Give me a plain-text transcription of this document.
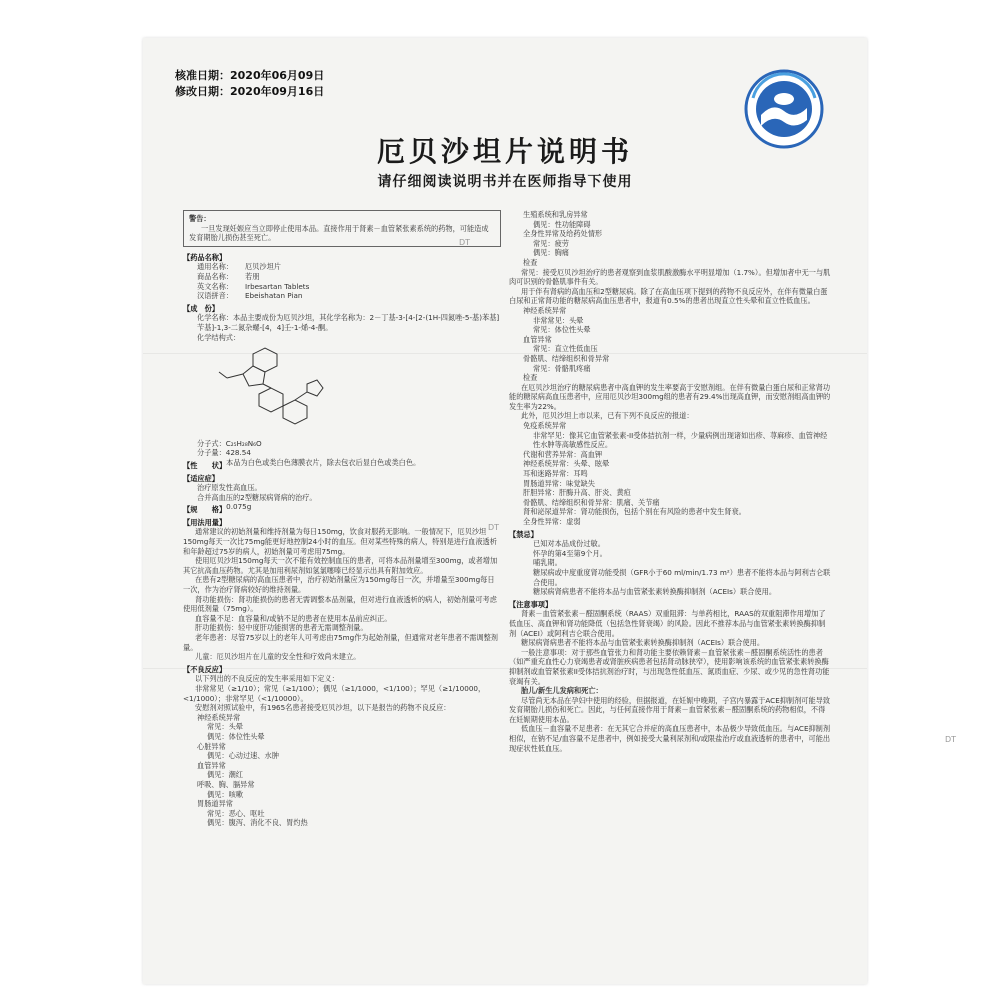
核准日期：2020年06月09日
修改日期：2020年09月16日
厄贝沙坦片说明书
请仔细阅读说明书并在医师指导下使用
警告：
一旦发现妊娠应当立即停止使用本品。直接作用于肾素－血管紧张素系统的药物，可能造成发育期胎儿损伤甚至死亡。
【药品名称】
通用名称：	厄贝沙坦片
商品名称：	若朋
英文名称：	Irbesartan Tablets
汉语拼音：	Ebeishatan Pian
【成　份】
化学名称：本品主要成份为厄贝沙坦，其化学名称为：2－丁基-3-[4-[2-(1H-四氮唑-5-基)苯基]苄基]-1,3-二氮杂螺-[4，4]壬-1-烯-4-酮。
化学结构式：
分子式：C₂₅H₂₈N₆O
分子量：428.54
【性　　状】 本品为白色或类白色薄膜衣片，除去包衣后显白色或类白色。
【适应症】
治疗原发性高血压。
合并高血压的2型糖尿病肾病的治疗。
【规　　格】 0.075g
【用法用量】
通常建议的初始剂量和维持剂量为每日150mg，饮食对服药无影响。一般情况下，厄贝沙坦150mg每天一次比75mg能更好地控制24小时的血压。但对某些特殊的病人，特别是进行血液透析和年龄超过75岁的病人，初始剂量可考虑用75mg。
使用厄贝沙坦150mg每天一次不能有效控制血压的患者，可将本品剂量增至300mg，或者增加其它抗高血压药物。尤其是加用利尿剂如氢氯噻嗪已经显示出具有附加效应。
在患有2型糖尿病的高血压患者中，治疗初始剂量应为150mg每日一次，并增量至300mg每日一次，作为治疗肾病较好的维持剂量。
肾功能损伤：肾功能损伤的患者无需调整本品剂量，但对进行血液透析的病人，初始剂量可考虑使用低剂量（75mg）。
血容量不足：血容量和/或钠不足的患者在使用本品前应纠正。
肝功能损伤：轻中度肝功能损害的患者无需调整剂量。
老年患者：尽管75岁以上的老年人可考虑由75mg作为起始剂量，但通常对老年患者不需调整剂量。
儿童：厄贝沙坦片在儿童的安全性和疗效尚未建立。
【不良反应】
以下列出的不良反应的发生率采用如下定义：
非常常见（≥1/10）；常见（≥1/100）；偶见（≥1/1000，<1/100）；罕见（≥1/10000，<1/1000）；非常罕见（<1/10000）。
安慰剂对照试验中，有1965名患者接受厄贝沙坦，以下是报告的药物不良反应：
神经系统异常
常见：头晕
偶见：体位性头晕
心脏异常
偶见：心动过速、水肿
血管异常
偶见：潮红
呼吸、胸、膈异常
偶见：咳嗽
胃肠道异常
常见：恶心、呕吐
偶见：腹泻、消化不良、胃灼热
生殖系统和乳房异常
偶见：性功能障碍
全身性异常及给药处情形
常见：疲劳
偶见：胸痛
检查
常见：接受厄贝沙坦治疗的患者观察到血浆肌酸激酶水平明显增加（1.7%）。但增加者中无一与肌肉可识别的骨骼肌事件有关。
用于伴有肾病的高血压和2型糖尿病。除了在高血压项下提到的药物不良反应外，在伴有微量白蛋白尿和正常肾功能的糖尿病高血压患者中，报道有0.5%的患者出现直立性头晕和直立性低血压。
神经系统异常
非常常见：头晕
常见：体位性头晕
血管异常
常见：直立性低血压
骨骼肌、结缔组织和骨异常
常见：骨骼肌疼痛
检查
在厄贝沙坦治疗的糖尿病患者中高血钾的发生率要高于安慰剂组。在伴有微量白蛋白尿和正常肾功能的糖尿病高血压患者中，应用厄贝沙坦300mg组的患者有29.4%出现高血钾，而安慰剂组高血钾的发生率为22%。
此外，厄贝沙坦上市以来，已有下列不良反应的报道：
免疫系统异常
非常罕见：像其它血管紧张素-II受体拮抗剂一样，少量病例出现诸如出疹、荨麻疹、血管神经性水肿等高敏感性反应。
代谢和营养异常：高血钾
神经系统异常：头晕、眩晕
耳和迷路异常：耳鸣
胃肠道异常：味觉缺失
肝胆异常：肝酶升高、肝炎、黄疸
骨骼肌、结缔组织和骨异常：肌痛、关节痛
肾和泌尿道异常：肾功能损伤，包括个别在有风险的患者中发生肾衰。
全身性异常：虚弱
【禁忌】
已知对本品成份过敏。
怀孕的第4至第9个月。
哺乳期。
糖尿病或中度重度肾功能受损（GFR小于60 ml/min/1.73 m²）患者不能将本品与阿利吉仑联合使用。
糖尿病肾病患者不能将本品与血管紧张素转换酶抑制剂（ACEIs）联合使用。
【注意事项】
肾素－血管紧张素－醛固酮系统（RAAS）双重阻滞：与单药相比，RAAS的双重阻滞作用增加了低血压、高血钾和肾功能降低（包括急性肾衰竭）的风险。因此不推荐本品与血管紧张素转换酶抑制剂（ACEI）或阿利吉仑联合使用。
糖尿病肾病患者不能将本品与血管紧张素转换酶抑制剂（ACEIs）联合使用。
一般注意事项：对于那些血管张力和肾功能主要依赖肾素－血管紧张素－醛固酮系统活性的患者（如严重充血性心力衰竭患者或肾脏疾病患者包括肾动脉狭窄），使用影响该系统的血管紧张素转换酶抑制剂或血管紧张素II受体拮抗剂治疗时，与出现急性低血压、氮质血症、少尿、或少见的急性肾功能衰竭有关。
胎儿/新生儿发病和死亡：
尽管尚无本品在孕妇中使用的经验，但据报道，在妊娠中晚期，子宫内暴露于ACE抑制剂可能导致发育期胎儿损伤和死亡。因此，与任何直接作用于肾素－血管紧张素－醛固酮系统的药物相似，不得在妊娠期使用本品。
低血压－血容量不足患者：在无其它合并症的高血压患者中，本品极少导致低血压。与ACE抑制剂相似，在钠不足/血容量不足患者中，例如接受大量利尿剂和/或限盐治疗或血液透析的患者中，可能出现症状性低血压。
DT
DT
DT
